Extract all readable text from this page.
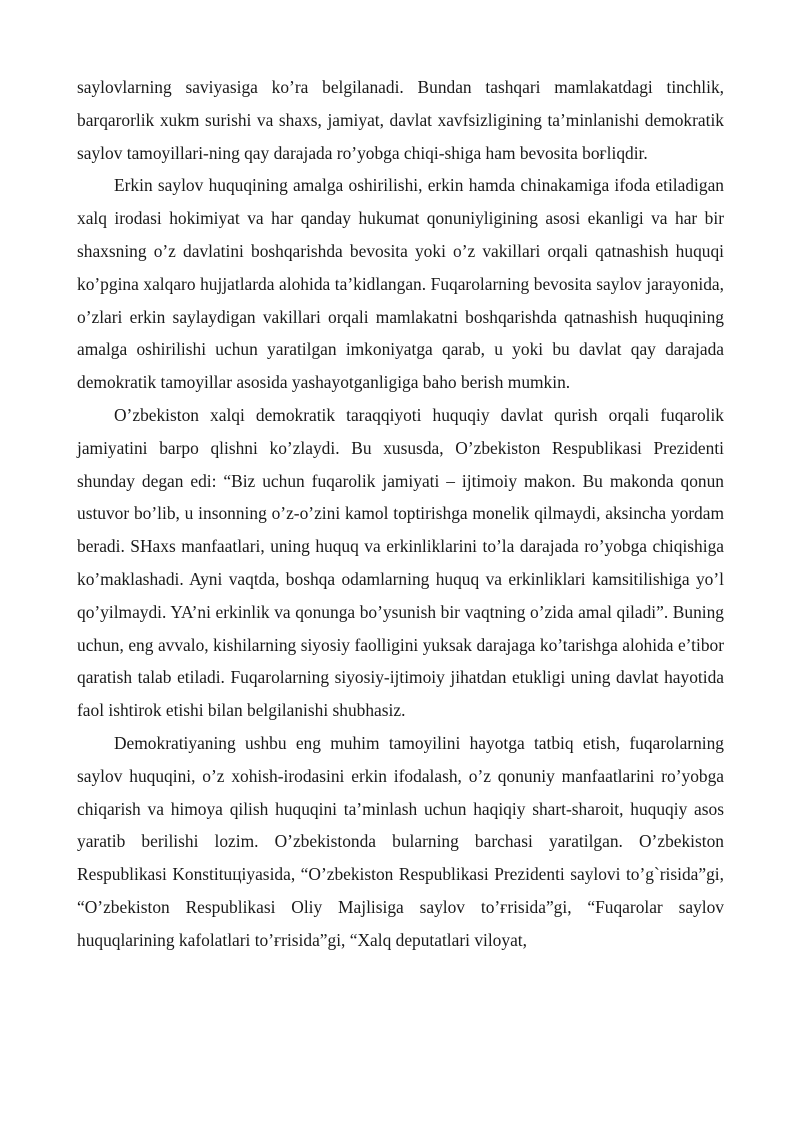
saylovlarning saviyasiga ko’ra belgilanadi. Bundan tashqari mamlakatdagi tinchlik, barqarorlik xukm surishi va shaxs, jamiyat, davlat xavfsizligining ta’minlanishi demokratik saylov tamoyillari-ning qay darajada ro’yobga chiqi-shiga ham bevosita boғliqdir.

Erkin saylov huquqining amalga oshirilishi, erkin hamda chinakamiga ifoda etiladigan xalq irodasi hokimiyat va har qanday hukumat qonuniyligining asosi ekanligi va har bir shaxsning o’z davlatini boshqarishda bevosita yoki o’z vakillari orqali qatnashish huquqi ko’pgina xalqaro hujjatlarda alohida ta’kidlangan. Fuqarolarning bevosita saylov jarayonida, o’zlari erkin saylaydigan vakillari orqali mamlakatni boshqarishda qatnashish huquqining amalga oshirilishi uchun yaratilgan imkoniyatga qarab, u yoki bu davlat qay darajada demokratik tamoyillar asosida yashayotganligiga baho berish mumkin.

O’zbekiston xalqi demokratik taraqqiyoti huquqiy davlat qurish orqali fuqarolik jamiyatini barpo qlishni ko’zlaydi. Bu xususda, O’zbekiston Respublikasi Prezidenti shunday degan edi: “Biz uchun fuqarolik jamiyati – ijtimoiy makon. Bu makonda qonun ustuvor bo’lib, u insonning o’z-o’zini kamol toptirishga monelik qilmaydi, aksincha yordam beradi. SHaxs manfaatlari, uning huquq va erkinliklarini to’la darajada ro’yobga chiqishiga ko’maklashadi. Ayni vaqtda, boshqa odamlarning huquq va erkinliklari kamsitilishiga yo’l qo’yilmaydi. YA’ni erkinlik va qonunga bo’ysunish bir vaqtning o’zida amal qiladi”. Buning uchun, eng avvalo, kishilarning siyosiy faolligini yuksak darajaga ko’tarishga alohida e’tibor qaratish talab etiladi. Fuqarolarning siyosiy-ijtimoiy jihatdan etukligi uning davlat hayotida faol ishtirok etishi bilan belgilanishi shubhasiz.

Demokratiyaning ushbu eng muhim tamoyilini hayotga tatbiq etish, fuqarolarning saylov huquqini, o’z xohish-irodasini erkin ifodalash, o’z qonuniy manfaatlarini ro’yobga chiqarish va himoya qilish huquqini ta’minlash uchun haqiqiy shart-sharoit, huquqiy asos yaratib berilishi lozim. O’zbekistonda bularning barchasi yaratilgan. O’zbekiston Respublikasi Konstituцiyasida, “O’zbekiston Respublikasi Prezidenti saylovi to’g`risida”gi, “O’zbekiston Respublikasi Oliy Majlisiga saylov to’ғrisida”gi, “Fuqarolar saylov huquqlarining kafolatlari to’ғrisida”gi, “Xalq deputatlari viloyat,
